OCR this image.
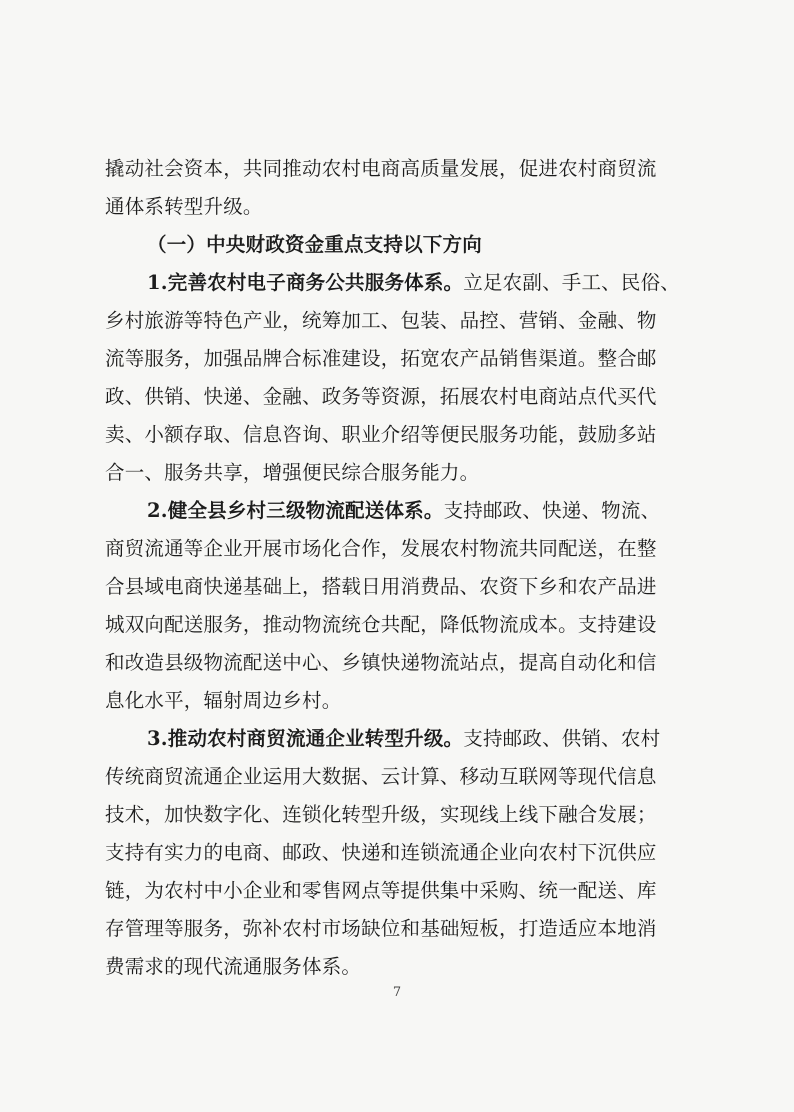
撬动社会资本，共同推动农村电商高质量发展，促进农村商贸流
通体系转型升级。
（一）中央财政资金重点支持以下方向
1.完善农村电子商务公共服务体系。立足农副、手工、民俗、
乡村旅游等特色产业，统筹加工、包装、品控、营销、金融、物
流等服务，加强品牌合标准建设，拓宽农产品销售渠道。整合邮
政、供销、快递、金融、政务等资源，拓展农村电商站点代买代
卖、小额存取、信息咨询、职业介绍等便民服务功能，鼓励多站
合一、服务共享，增强便民综合服务能力。
2.健全县乡村三级物流配送体系。支持邮政、快递、物流、
商贸流通等企业开展市场化合作，发展农村物流共同配送，在整
合县域电商快递基础上，搭载日用消费品、农资下乡和农产品进
城双向配送服务，推动物流统仓共配，降低物流成本。支持建设
和改造县级物流配送中心、乡镇快递物流站点，提高自动化和信
息化水平，辐射周边乡村。
3.推动农村商贸流通企业转型升级。支持邮政、供销、农村
传统商贸流通企业运用大数据、云计算、移动互联网等现代信息
技术，加快数字化、连锁化转型升级，实现线上线下融合发展；
支持有实力的电商、邮政、快递和连锁流通企业向农村下沉供应
链，为农村中小企业和零售网点等提供集中采购、统一配送、库
存管理等服务，弥补农村市场缺位和基础短板，打造适应本地消
费需求的现代流通服务体系。
7
